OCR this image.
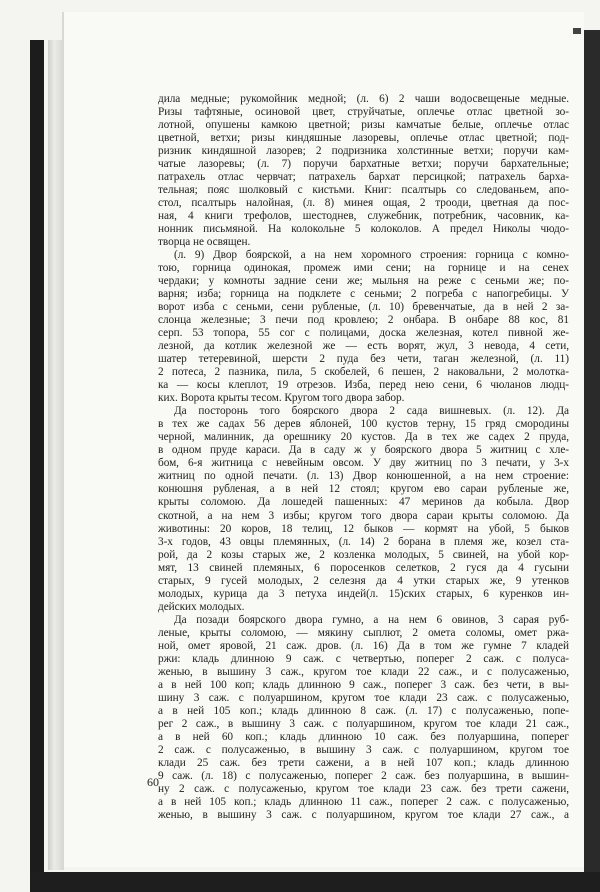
дила медные; рукомойник медной; (л. 6) 2 чаши водосвещеные медные.
Ризы тафтяные, осиновой цвет, струйчатые, оплечье отлас цветной зо-
лотной, опушены камкою цветной; ризы камчатые белые, оплечье отлас
цветной, ветхи; ризы киндяшные лазоревы, оплечье отлас цветной; под-
ризник киндяшной лазорев; 2 подризника холстинные ветхи; поручи кам-
чатые лазоревы; (л. 7) поручи бархатные ветхи; поручи бархательные;
патрахель отлас червчат; патрахель бархат персицкой; патрахель барха-
тельная; пояс шолковый с кистьми. Книг: псалтырь со следованьем, апо-
стол, псалтырь налойная, (л. 8) минея ощая, 2 трооди, цветная да пос-
ная, 4 книги трефолов, шестоднев, служебник, потребник, часовник, ка-
нонник письмяной. На колокольне 5 колоколов. А предел Николы чюдо-
творца не освящен.
(л. 9) Двор боярской, а на нем хоромного строения: горница с комно-
тою, горница одинокая, промеж ими сени; на горнице и на сенех
чердаки; у комноты задние сени же; мыльня на реже с сеньми же; по-
варня; изба; горница на подклете с сеньми; 2 погреба с напогребицы. У
ворот изба с сеньми, сени рубленые, (л. 10) бревенчатые, да в ней 2 за-
слонца железные; 3 печи под кровлею; 2 онбара. В онбаре 88 кос, 81
серп. 53 топора, 55 сог с полицами, доска железная, котел пивной же-
лезной, да котлик железной же — есть ворят, жул, 3 невода, 4 сети,
шатер тетеревиной, шерсти 2 пуда без чети, таган железной, (л. 11)
2 потеса, 2 пазника, пила, 5 скобелей, 6 пешен, 2 наковальни, 2 молотка-
ка — косы клеплот, 19 отрезов. Изба, перед нею сени, 6 чюланов людц-
ких. Ворота крыты тесом. Кругом того двора забор.
Да посторонь того боярского двора 2 сада вишневых. (л. 12). Да
в тех же садах 56 дерев яблоней, 100 кустов терну, 15 гряд смородины
черной, малинник, да орешнику 20 кустов. Да в тех же садех 2 пруда,
в одном пруде караси. Да в саду ж у боярского двора 5 житниц с хле-
бом, 6-я житница с невейным овсом. У дву житниц по 3 печати, у 3-х
житниц по одной печати. (л. 13) Двор конюшенной, а на нем строение:
конюшня рубленая, а в ней 12 стоял; кругом ево сараи рубленые же,
крыты соломою. Да лошедей пашенных: 47 меринов да кобыла. Двор
скотной, а на нем 3 избы; кругом того двора сараи крыты соломою. Да
животины: 20 коров, 18 телиц, 12 быков — кормят на убой, 5 быков
3-х годов, 43 овцы племянных, (л. 14) 2 борана в племя же, козел ста-
рой, да 2 козы старых же, 2 козленка молодых, 5 свиней, на убой кор-
мят, 13 свиней племяных, 6 поросенков селетков, 2 гуся да 4 гусыни
старых, 9 гусей молодых, 2 селезня да 4 утки старых же, 9 утенков
молодых, курица да 3 петуха индей(л. 15)ских старых, 6 куренков ин-
дейских молодых.
Да позади боярского двора гумно, а на нем 6 овинов, 3 сарая руб-
леные, крыты соломою, — мякину сыплют, 2 омета соломы, омет ржа-
ной, омет яровой, 21 саж. дров. (л. 16) Да в том же гумне 7 кладей
ржи: кладь длинною 9 саж. с четвертью, поперег 2 саж. с полуса-
женью, в вышину 3 саж., кругом тое клади 22 саж., и с полусаженью,
а в ней 100 коп; кладь длинною 9 саж., поперег 3 саж. без чети, в вы-
шину 3 саж. с полуаршином, кругом тое клади 23 саж. с полусаженью,
а в ней 105 коп.; кладь длинною 8 саж. (л. 17) с полусаженью, попе-
рег 2 саж., в вышину 3 саж. с полуаршином, кругом тое клади 21 саж.,
а в ней 60 коп.; кладь длинною 10 саж. без полуаршина, поперег
2 саж. с полусаженью, в вышину 3 саж. с полуаршином, кругом тое
клади 25 саж. без трети сажени, а в ней 107 коп.; кладь длинною
9 саж. (л. 18) с полусаженью, поперег 2 саж. без полуаршина, в вышин-
ну 2 саж. с полусаженью, кругом тое клади 23 саж. без трети сажени,
а в ней 105 коп.; кладь длинною 11 саж., поперег 2 саж. с полусаженью,
женью, в вышину 3 саж. с полуаршином, кругом тое клади 27 саж., а
60
